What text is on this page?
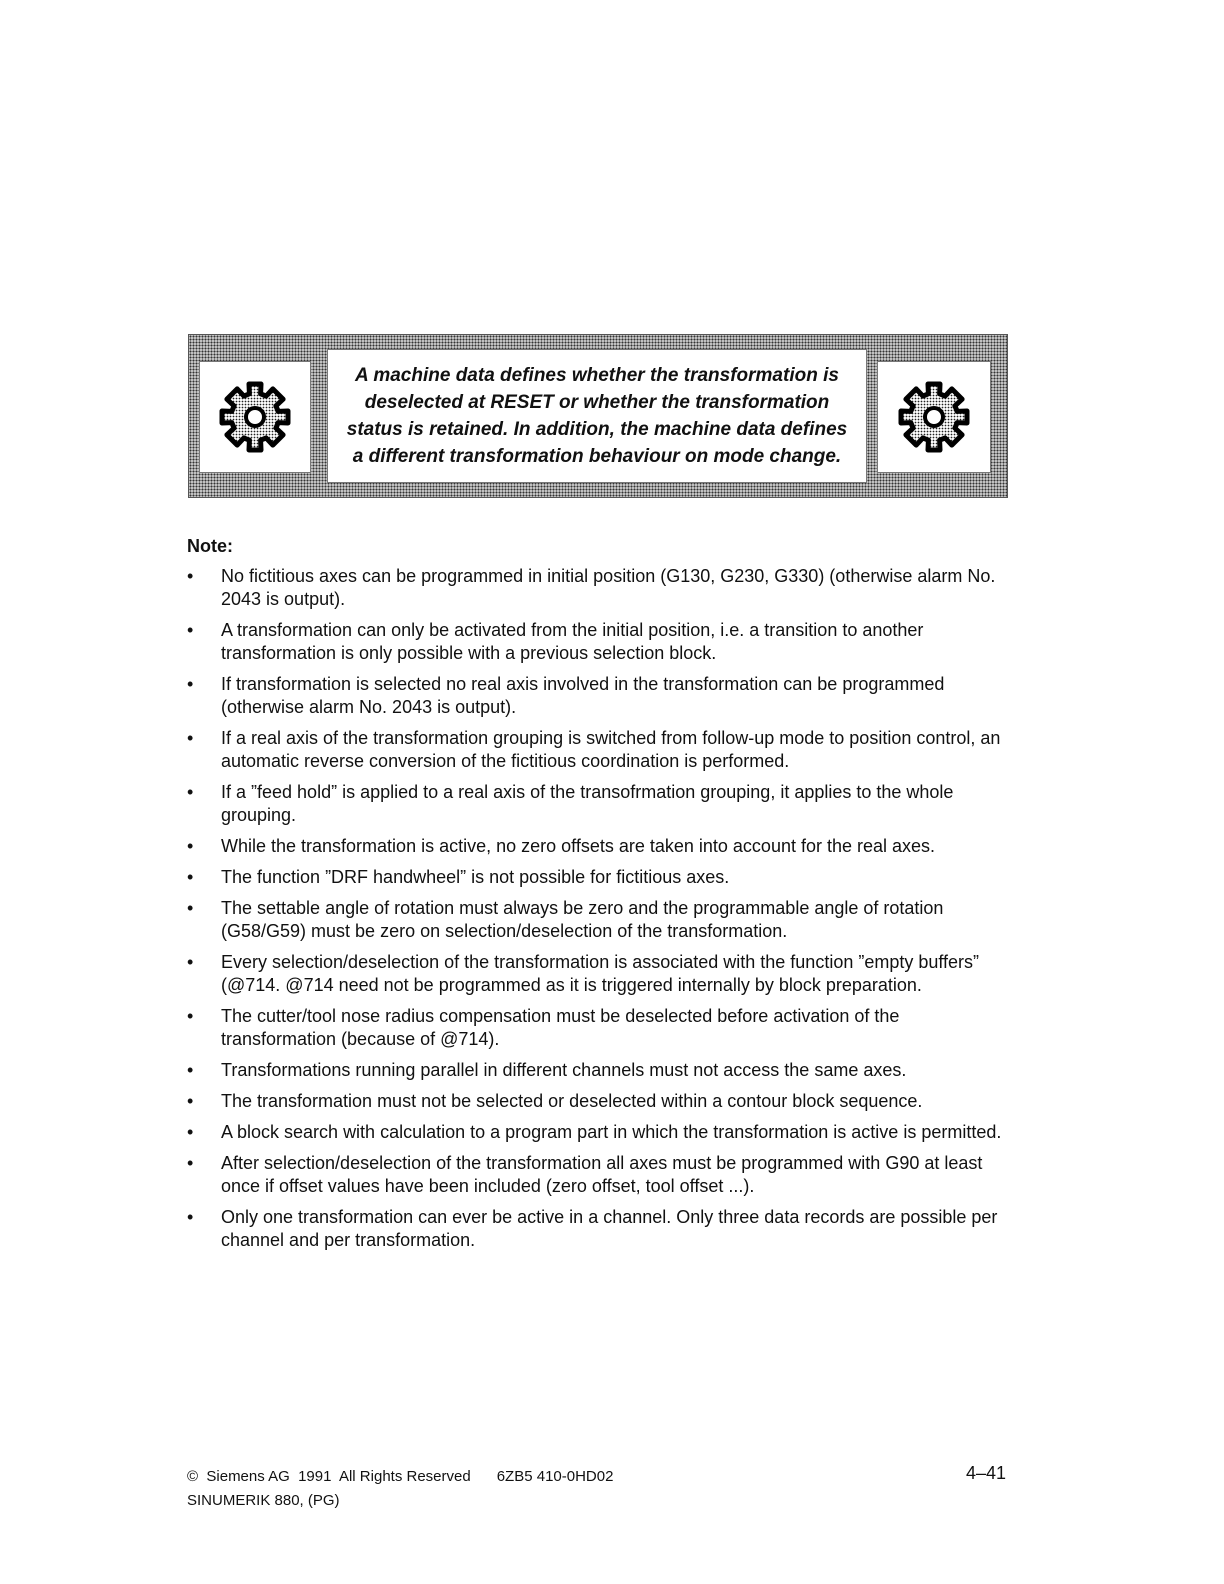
A machine data defines whether the transformation is
deselected at RESET or whether the transformation
status is retained. In addition, the machine data defines
a different transformation behaviour on mode change.

Note:
• No fictitious axes can be programmed in initial position (G130, G230, G330) (otherwise alarm No. 2043 is output).
• A transformation can only be activated from the initial position, i.e. a transition to another transformation is only possible with a previous selection block.
• If transformation is selected no real axis involved in the transformation can be programmed (otherwise alarm No. 2043 is output).
• If a real axis of the transformation grouping is switched from follow-up mode to position control, an automatic reverse conversion of the fictitious coordination is performed.
• If a ”feed hold” is applied to a real axis of the transofrmation grouping, it applies to the whole grouping.
• While the transformation is active, no zero offsets are taken into account for the real axes.
• The function ”DRF handwheel” is not possible for fictitious axes.
• The settable angle of rotation must always be zero and the programmable angle of rotation (G58/G59) must be zero on selection/deselection of the transformation.
• Every selection/deselection of the transformation is associated with the function ”empty buffers” (@714. @714 need not be programmed as it is triggered internally by block preparation.
• The cutter/tool nose radius compensation must be deselected before activation of the transformation (because of @714).
• Transformations running parallel in different channels must not access the same axes.
• The transformation must not be selected or deselected within a contour block sequence.
• A block search with calculation to a program part in which the transformation is active is permitted.
• After selection/deselection of the transformation all axes must be programmed with G90 at least once if offset values have been included (zero offset, tool offset ...).
• Only one transformation can ever be active in a channel. Only three data records are possible per channel and per transformation.
©  Siemens AG  1991  All Rights Reserved 6ZB5 410-0HD02
SINUMERIK 880, (PG)
4–41
